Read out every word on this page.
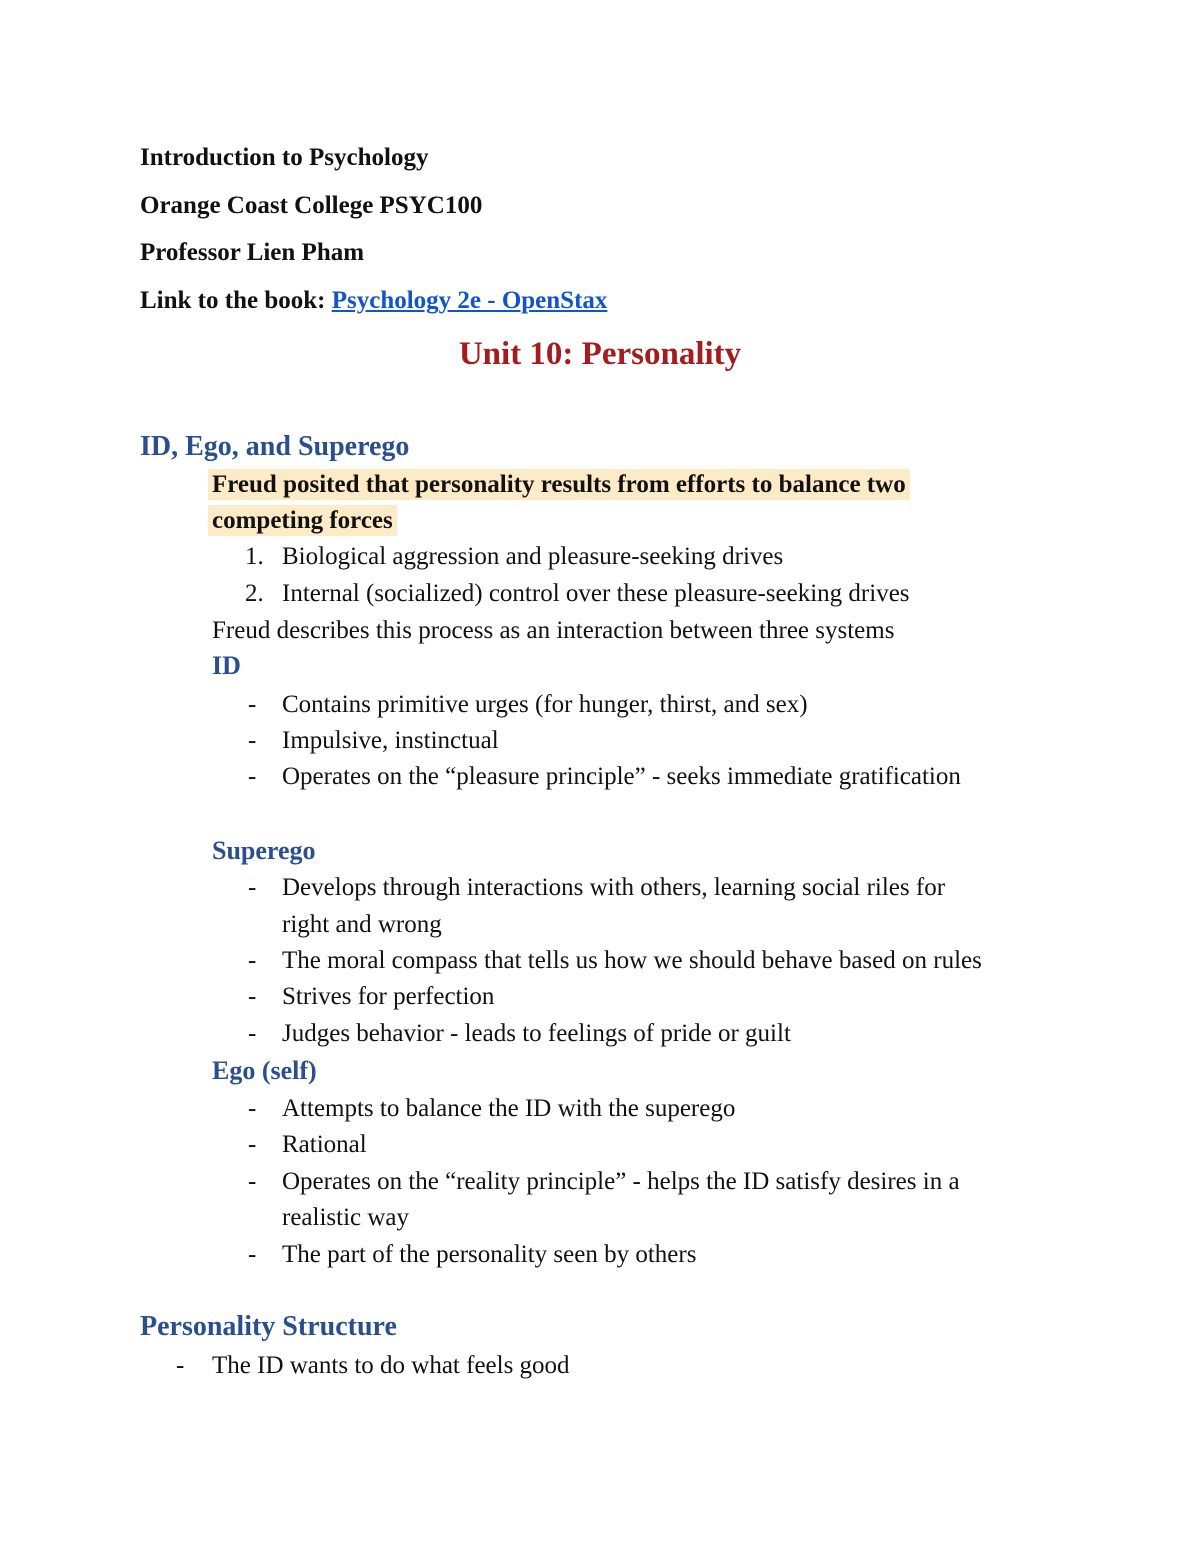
Introduction to Psychology
Orange Coast College PSYC100
Professor Lien Pham
Link to the book: Psychology 2e - OpenStax
Unit 10: Personality
ID, Ego, and Superego
Freud posited that personality results from efforts to balance two
competing forces
1. Biological aggression and pleasure-seeking drives
2. Internal (socialized) control over these pleasure-seeking drives
Freud describes this process as an interaction between three systems
ID
- Contains primitive urges (for hunger, thirst, and sex)
- Impulsive, instinctual
- Operates on the “pleasure principle” - seeks immediate gratification
Superego
- Develops through interactions with others, learning social riles for
right and wrong
- The moral compass that tells us how we should behave based on rules
- Strives for perfection
- Judges behavior - leads to feelings of pride or guilt
Ego (self)
- Attempts to balance the ID with the superego
- Rational
- Operates on the “reality principle” - helps the ID satisfy desires in a
realistic way
- The part of the personality seen by others
Personality Structure
- The ID wants to do what feels good
